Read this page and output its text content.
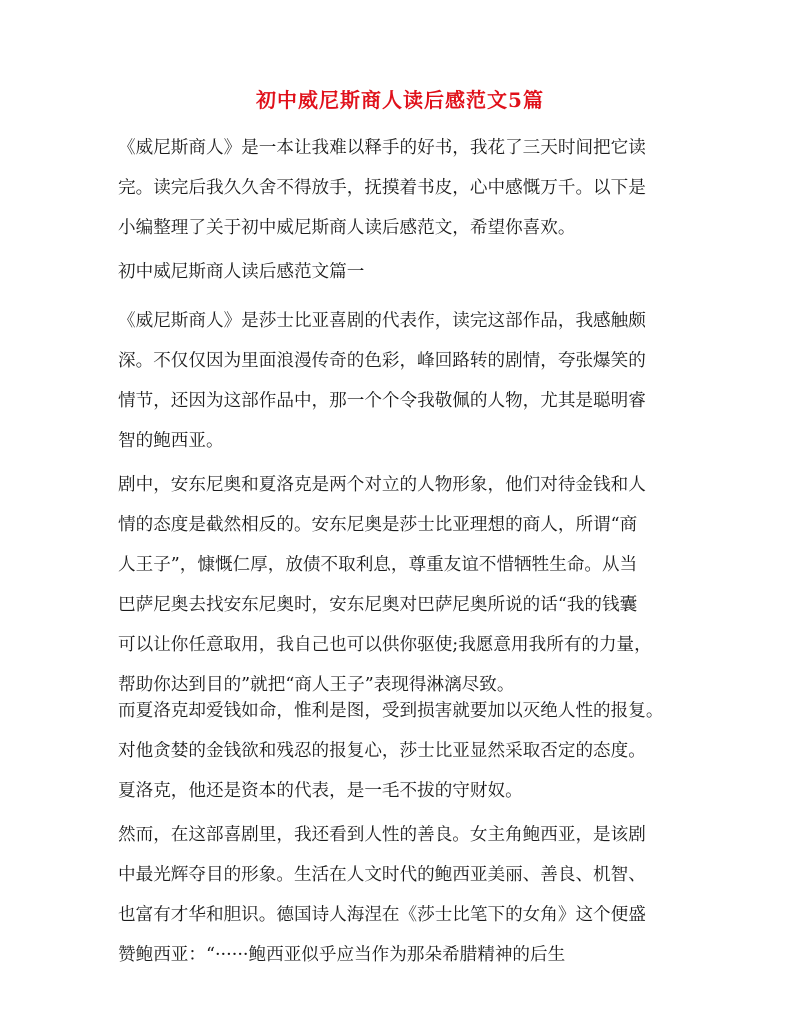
初中威尼斯商人读后感范文5篇

《威尼斯商人》是一本让我难以释手的好书，我花了三天时间把它读
完。读完后我久久舍不得放手，抚摸着书皮，心中感慨万千。以下是
小编整理了关于初中威尼斯商人读后感范文，希望你喜欢。

初中威尼斯商人读后感范文篇一

《威尼斯商人》是莎士比亚喜剧的代表作，读完这部作品，我感触颇
深。不仅仅因为里面浪漫传奇的色彩，峰回路转的剧情，夸张爆笑的
情节，还因为这部作品中，那一个个令我敬佩的人物，尤其是聪明睿
智的鲍西亚。

剧中，安东尼奥和夏洛克是两个对立的人物形象，他们对待金钱和人
情的态度是截然相反的。安东尼奥是莎士比亚理想的商人，所谓“商
人王子”，慷慨仁厚，放债不取利息，尊重友谊不惜牺牲生命。从当
巴萨尼奥去找安东尼奥时，安东尼奥对巴萨尼奥所说的话“我的钱囊
可以让你任意取用，我自己也可以供你驱使;我愿意用我所有的力量，
帮助你达到目的”就把“商人王子”表现得淋漓尽致。

而夏洛克却爱钱如命，惟利是图，受到损害就要加以灭绝人性的报复。
对他贪婪的金钱欲和残忍的报复心，莎士比亚显然采取否定的态度。
夏洛克，他还是资本的代表，是一毛不拔的守财奴。

然而，在这部喜剧里，我还看到人性的善良。女主角鲍西亚，是该剧
中最光辉夺目的形象。生活在人文时代的鲍西亚美丽、善良、机智、
也富有才华和胆识。德国诗人海涅在《莎士比笔下的女角》这个便盛
赞鲍西亚：“······鲍西亚似乎应当作为那朵希腊精神的后生
